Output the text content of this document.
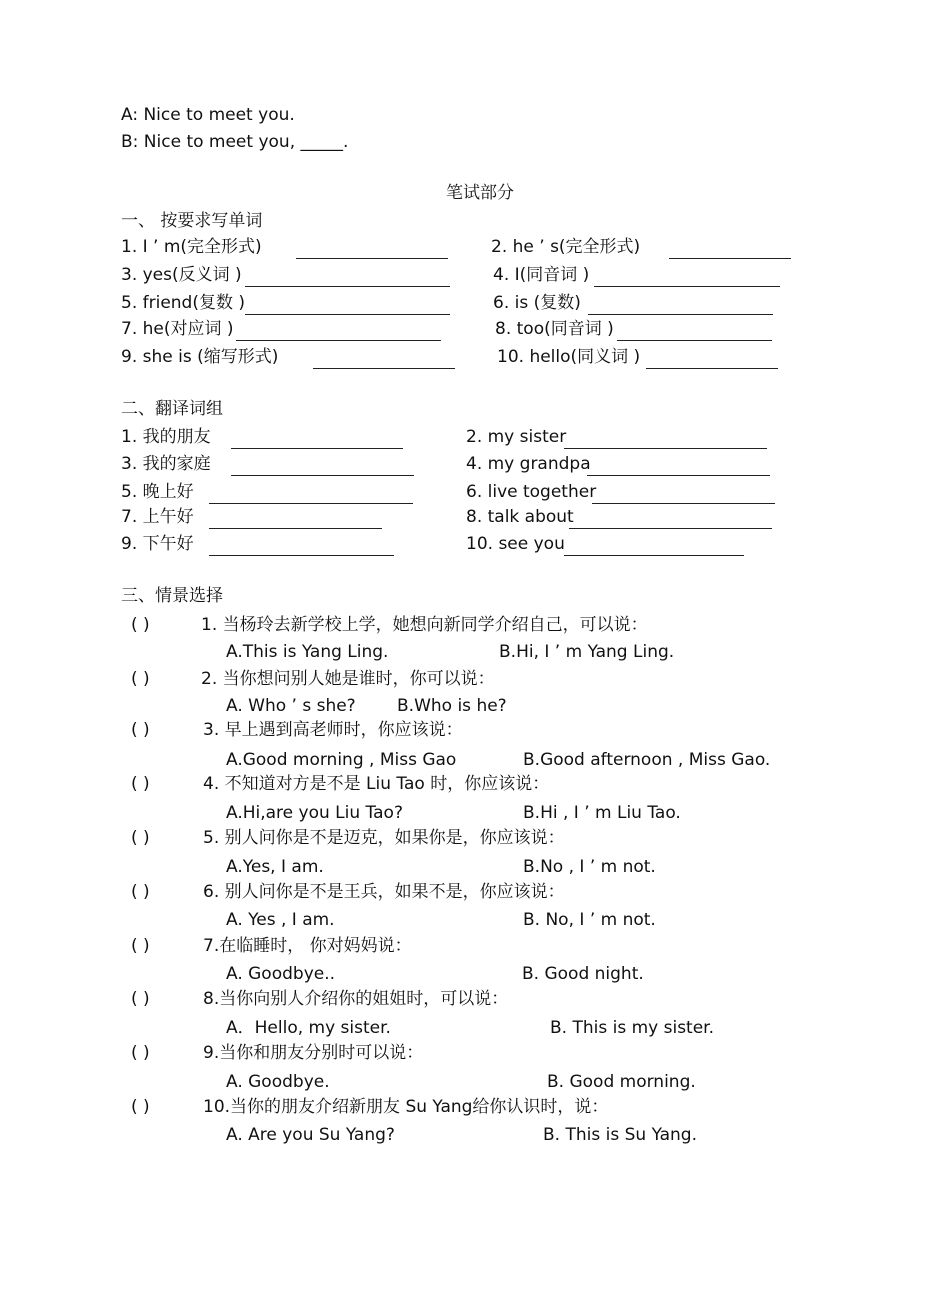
A: Nice to meet you.
B: Nice to meet you, _____.
笔试部分
一、 按要求写单词
1. I ’ m(完全形式)	2. he ’ s(完全形式)
3. yes(反义词 )	4. I(同音词 )
5. friend(复数 )	6. is (复数)
7. he(对应词 )	8. too(同音词 )
9. she is (缩写形式)	10. hello(同义词 )
二、翻译词组
1. 我的朋友	2. my sister
3. 我的家庭	4. my grandpa
5. 晚上好	6. live together
7. 上午好	8. talk about
9. 下午好	10. see you
三、情景选择
( )	1. 当杨玲去新学校上学，她想向新同学介绍自己，可以说：
A.This is Yang Ling.	B.Hi, I ’ m Yang Ling.
( )	2. 当你想问别人她是谁时，你可以说：
A. Who ’ s she? B.Who is he?
( )	3. 早上遇到高老师时，你应该说：
A.Good morning , Miss Gao	B.Good afternoon , Miss Gao.
( )	4. 不知道对方是不是 Liu Tao 时，你应该说：
A.Hi,are you Liu Tao?	B.Hi , I ’ m Liu Tao.
( )	5. 别人问你是不是迈克，如果你是，你应该说：
A.Yes, I am.	B.No , I ’ m not.
( )	6. 别人问你是不是王兵，如果不是，你应该说：
A. Yes , I am.	B. No, I ’ m not.
( )	7.在临睡时， 你对妈妈说：
A. Goodbye..	B. Good night.
( )	8.当你向别人介绍你的姐姐时，可以说：
A．Hello, my sister.	B. This is my sister.
( )	9.当你和朋友分别时可以说：
A. Goodbye.	B. Good morning.
( )	10.当你的朋友介绍新朋友 Su Yang给你认识时，说：
A. Are you Su Yang?	B. This is Su Yang.
